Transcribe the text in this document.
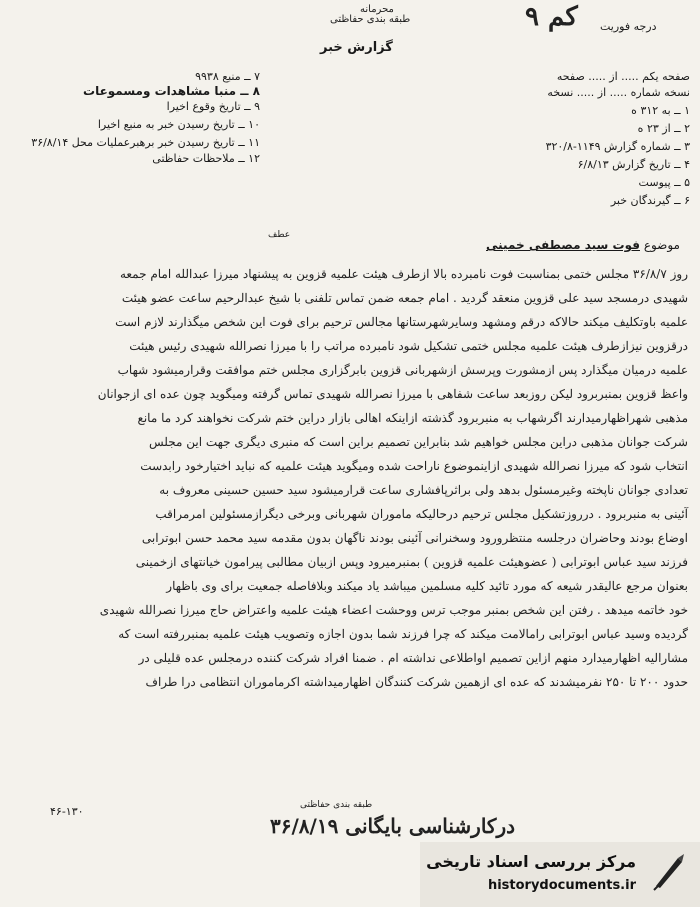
محرمانه
طبقه بندی حفاظتی	۹ کم درجه فوریت
گزارش خبر
صفحه یکم ..... از ..... صفحه
نسخه شماره ..... از ..... نسخه
۱ ــ به ۳۱۲ ه
۲ ــ از ۲۳ ه
۳ ــ شماره گزارش ۱۱۴۹-۳۲۰/۸
۴ ــ تاریخ گزارش ۶/۸/۱۳
۵ ــ پیوست
۶ ــ گیرندگان خبر
۷ ــ منبع ۹۹۳۸
۸ ــ منبا مشاهدات ومسموعات
۹ ــ تاریخ وقوع اخیرا
۱۰ ــ تاریخ رسیدن خبر به منبع اخیرا
۱۱ ــ تاریخ رسیدن خبر برهبرعملیات محل ۳۶/۸/۱۴
۱۲ ــ ملاحظات حفاظتی
عطف
موضوع فوت سید مصطفی خمینی

روز ۳۶/۸/۷ مجلس ختمی بمناسبت فوت نامبرده بالا ازطرف هیئت علمیه قزوین به پیشنهاد میرزا عبدالله امام جمعه

شهیدی درمسجد سید علی قزوین منعقد گردید . امام جمعه ضمن تماس تلفنی با شیخ عبدالرحیم ساعت عضو هیئت

علمیه باوتکلیف میکند حالاکه درقم ومشهد وسایرشهرستانها مجالس ترحیم برای فوت این شخص میگذارند لازم است

درقزوین نیزازطرف هیئت علمیه مجلس ختمی تشکیل شود نامبرده مراتب را با میرزا نصرالله شهیدی رئیس هیئت

علمیه درمیان میگذارد پس ازمشورت وپرسش ازشهربانی قزوین بابرگزاری مجلس ختم موافقت وقرارمیشود شهاب

واعظ قزوین بمنبربرود لیکن روزبعد ساعت شفاهی با میرزا نصرالله شهیدی تماس گرفته ومیگوید چون عده ای ازجوانان

مذهبی شهراظهارمیدارند اگرشهاب به منبربرود گذشته ازاینکه اهالی بازار دراین ختم شرکت نخواهند کرد ما مانع

شرکت جوانان مذهبی دراین مجلس خواهیم شد بنابراین تصمیم براین است که منبری دیگری جهت این مجلس

انتخاب شود که میرزا نصرالله شهیدی ازاینموضوع ناراحت شده ومیگوید هیئت علمیه که نباید اختیارخود رابدست

تعدادی جوانان ناپخته وغیرمسئول بدهد ولی براثرپافشاری ساعت قرارمیشود سید حسین حسینی معروف به

آئینی به منبربرود . درروزتشکیل مجلس ترحیم درحالیکه ماموران شهربانی وبرخی دیگرازمسئولین امرمراقب

اوضاع بودند وحاضران درجلسه منتظرورود وسخنرانی آئینی بودند ناگهان بدون مقدمه سید محمد حسن ابوترابی

فرزند سید عباس ابوترابی ( عضوهیئت علمیه قزوین ) بمنبرمیرود وپس ازبیان مطالبی پیرامون خیانتهای ازخمینی

بعنوان مرجع عالیقدر شیعه که مورد تائید کلیه مسلمین میباشد یاد میکند وبلافاصله جمعیت برای وی باظهار

خود خاتمه میدهد . رفتن این شخص بمنبر موجب ترس ووحشت اعضاء هیئت علمیه واعتراض حاج میرزا نصرالله شهیدی

گردیده وسید عباس ابوترابی رامالامت میکند که چرا فرزند شما بدون اجازه وتصویب هیئت علمیه بمنبررفته است که

مشارالیه اظهارمیدارد منهم ازاین تصمیم اواطلاعی نداشته ام . ضمنا افراد شرکت کننده درمجلس عده قلیلی در

حدود ۲۰۰ تا ۲۵۰ نفرمیشدند که عده ای ازهمین شرکت کنندگان اظهارمیداشته اکرماموران انتظامی درا طراف

طبقه بندی حفاظتی
درکارشناسی بایگانی ۳۶/۸/۱۹
۴۶-۱۳۰
مرکز بررسی اسناد تاریخی
historydocuments.ir
